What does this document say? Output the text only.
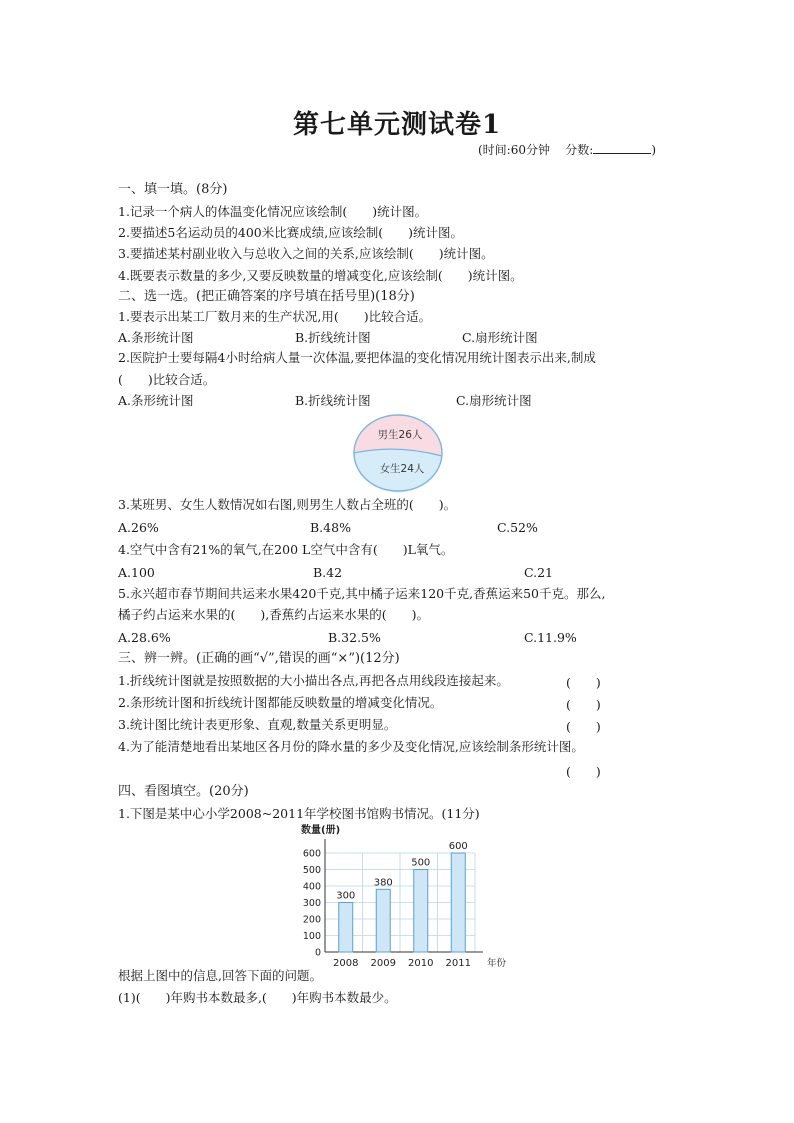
第七单元测试卷1
(时间:60分钟 分数:	)
一、填一填。(8分)
1.记录一个病人的体温变化情况应该绘制(　　)统计图。
2.要描述5名运动员的400米比赛成绩,应该绘制(　　)统计图。
3.要描述某村副业收入与总收入之间的关系,应该绘制(　　)统计图。
4.既要表示数量的多少,又要反映数量的增减变化,应该绘制(　　)统计图。
二、选一选。(把正确答案的序号填在括号里)(18分)
1.要表示出某工厂数月来的生产状况,用(　　)比较合适。
A.条形统计图	B.折线统计图	C.扇形统计图
2.医院护士要每隔4小时给病人量一次体温,要把体温的变化情况用统计图表示出来,制成
(　　)比较合适。
A.条形统计图	B.折线统计图	C.扇形统计图
男生26人
女生24人
3.某班男、女生人数情况如右图,则男生人数占全班的(　　)。
A.26%	B.48%	C.52%
4.空气中含有21%的氧气,在200 L空气中含有(　　)L氧气。
A.100	B.42	C.21
5.永兴超市春节期间共运来水果420千克,其中橘子运来120千克,香蕉运来50千克。那么,
橘子约占运来水果的(　　),香蕉约占运来水果的(　　)。
A.28.6%	B.32.5%	C.11.9%
三、辨一辨。(正确的画“√”,错误的画“×”)(12分)
1.折线统计图就是按照数据的大小描出各点,再把各点用线段连接起来。	(　　)
2.条形统计图和折线统计图都能反映数量的增减变化情况。	(　　)
3.统计图比统计表更形象、直观,数量关系更明显。	(　　)
4.为了能清楚地看出某地区各月份的降水量的多少及变化情况,应该绘制条形统计图。
(　　)
四、看图填空。(20分)
1.下图是某中心小学2008~2011年学校图书馆购书情况。(11分)
0
100
200
300
400
500
600
数量(册)
年份
300
2008
380
2009
500
2010
600
2011
根据上图中的信息,回答下面的问题。
(1)(　　)年购书本数最多,(　　)年购书本数最少。
